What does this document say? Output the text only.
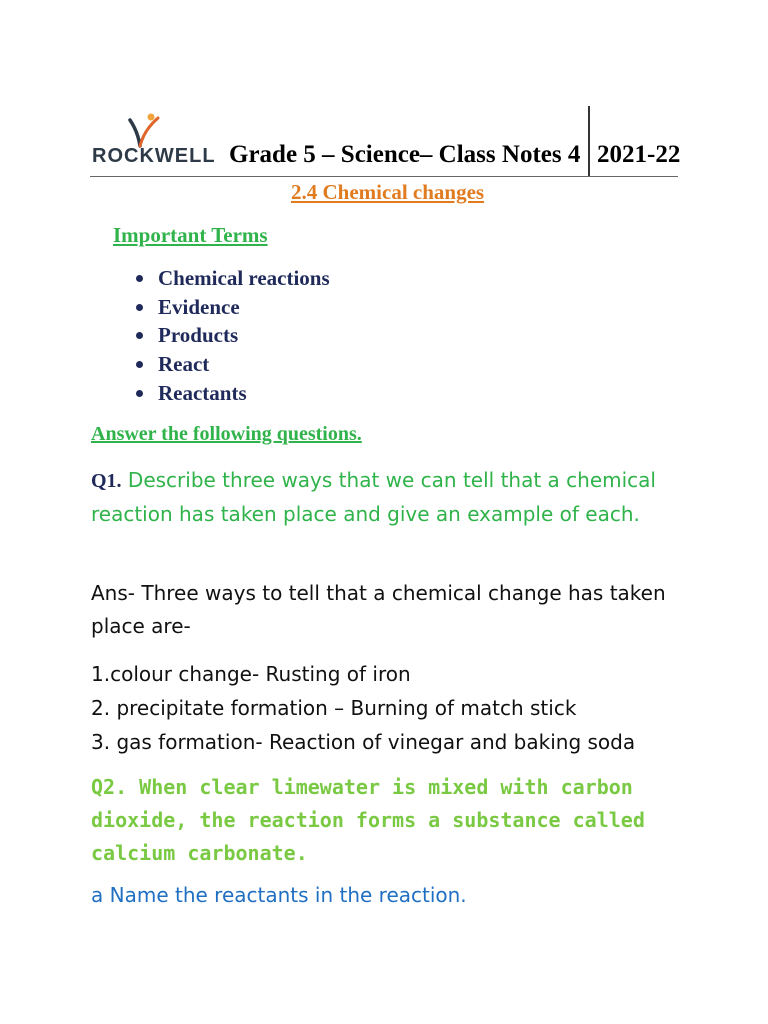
ROCKWELL Grade 5 – Science– Class Notes 4 2021-22
2.4 Chemical changes
Important Terms
Chemical reactions
Evidence
Products
React
Reactants
Answer the following questions.
Q1. Describe three ways that we can tell that a chemical reaction has taken place and give an example of each.
Ans- Three ways to tell that a chemical change has taken place are-
1.colour change- Rusting of iron
2. precipitate formation – Burning of match stick
3. gas formation- Reaction of vinegar and baking soda
Q2. When clear limewater is mixed with carbon dioxide, the reaction forms a substance called calcium carbonate.
a Name the reactants in the reaction.
